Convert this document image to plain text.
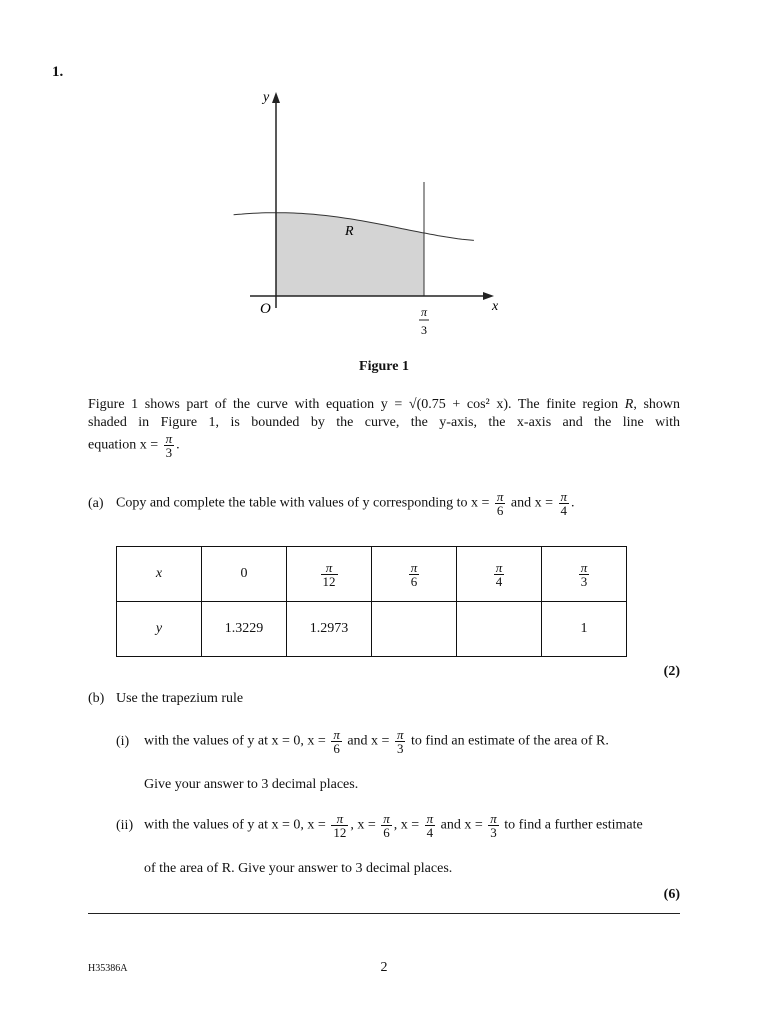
1.
y
x
O
R
π
3
Figure 1
Figure 1 shows part of the curve with equation y = √(0.75 + cos² x). The finite region R, shown
shaded in Figure 1, is bounded by the curve, the y-axis, the x-axis and the line with
equation $x = \frac{\pi}{3}$ .
(a) Copy and complete the table with values of y corresponding to $x = \frac{\pi}{6}$ and $x = \frac{\pi}{4}$ .
x	0	$\frac{\pi}{12}$	$\frac{\pi}{6}$	$\frac{\pi}{4}$	$\frac{\pi}{3}$

y	1.3229	1.2973			1
(2)
(b) Use the trapezium rule
(i) with the values of y at x = 0, $x = \frac{\pi}{6}$ and $x = \frac{\pi}{3}$ to find an estimate of the area of R.
Give your answer to 3 decimal places.
(ii) with the values of y at x = 0, $x = \frac{\pi}{12}$ , $x = \frac{\pi}{6}$ , $x = \frac{\pi}{4}$ and $x = \frac{\pi}{3}$ to find a further estimate
of the area of R. Give your answer to 3 decimal places.
(6)
H35386A	2
